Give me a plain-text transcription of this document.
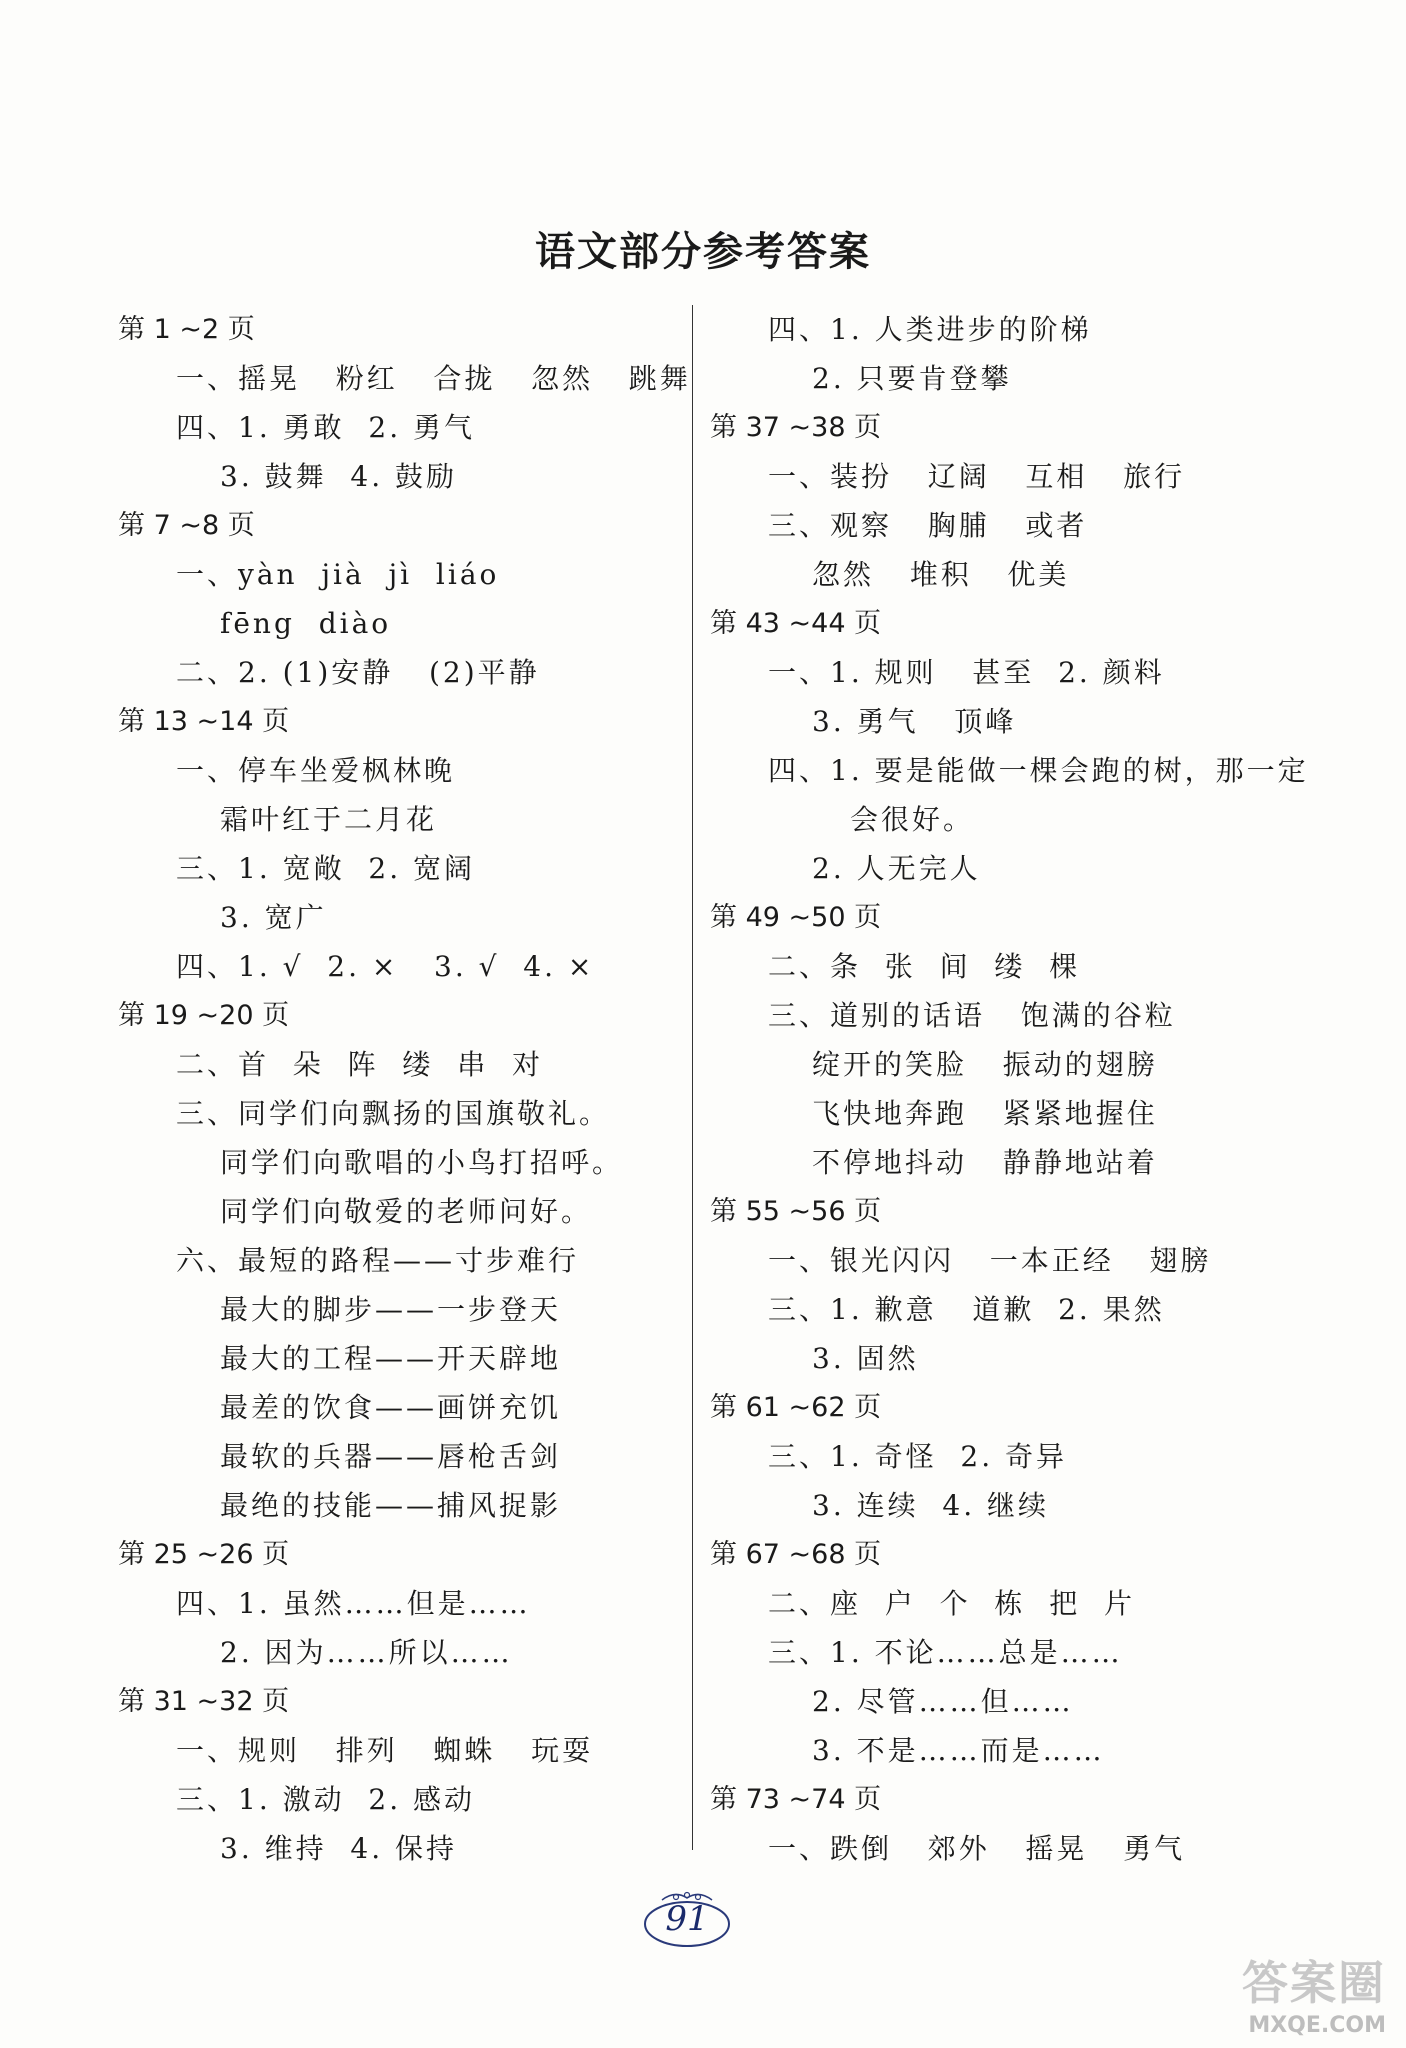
语文部分参考答案
第 1 ~2 页
一、摇晃   粉红   合拢   忽然   跳舞
四、1. 勇敢  2. 勇气
3. 鼓舞  4. 鼓励
第 7 ~8 页
一、yàn  jià  jì  liáo
fēng  diào
二、2. (1)安静   (2)平静
第 13 ~14 页
一、停车坐爱枫林晚
霜叶红于二月花
三、1. 宽敞  2. 宽阔
3. 宽广
四、1. √  2. ×   3. √  4. ×
第 19 ~20 页
二、首  朵  阵  缕  串  对
三、同学们向飘扬的国旗敬礼。
同学们向歌唱的小鸟打招呼。
同学们向敬爱的老师问好。
六、最短的路程——寸步难行
最大的脚步——一步登天
最大的工程——开天辟地
最差的饮食——画饼充饥
最软的兵器——唇枪舌剑
最绝的技能——捕风捉影
第 25 ~26 页
四、1. 虽然……但是……
2. 因为……所以……
第 31 ~32 页
一、规则   排列   蜘蛛   玩耍
三、1. 激动  2. 感动
3. 维持  4. 保持
四、1. 人类进步的阶梯
2. 只要肯登攀
第 37 ~38 页
一、装扮   辽阔   互相   旅行
三、观察   胸脯   或者
忽然   堆积   优美
第 43 ~44 页
一、1. 规则   甚至  2. 颜料
3. 勇气   顶峰
四、1. 要是能做一棵会跑的树，那一定
会很好。
2. 人无完人
第 49 ~50 页
二、条  张  间  缕  棵
三、道别的话语   饱满的谷粒
绽开的笑脸   振动的翅膀
飞快地奔跑   紧紧地握住
不停地抖动   静静地站着
第 55 ~56 页
一、银光闪闪   一本正经   翅膀
三、1. 歉意   道歉  2. 果然
3. 固然
第 61 ~62 页
三、1. 奇怪  2. 奇异
3. 连续  4. 继续
第 67 ~68 页
二、座  户  个  栋  把  片
三、1. 不论……总是……
2. 尽管……但……
3. 不是……而是……
第 73 ~74 页
一、跌倒   郊外   摇晃   勇气
91
答案圈
MXQE.COM
